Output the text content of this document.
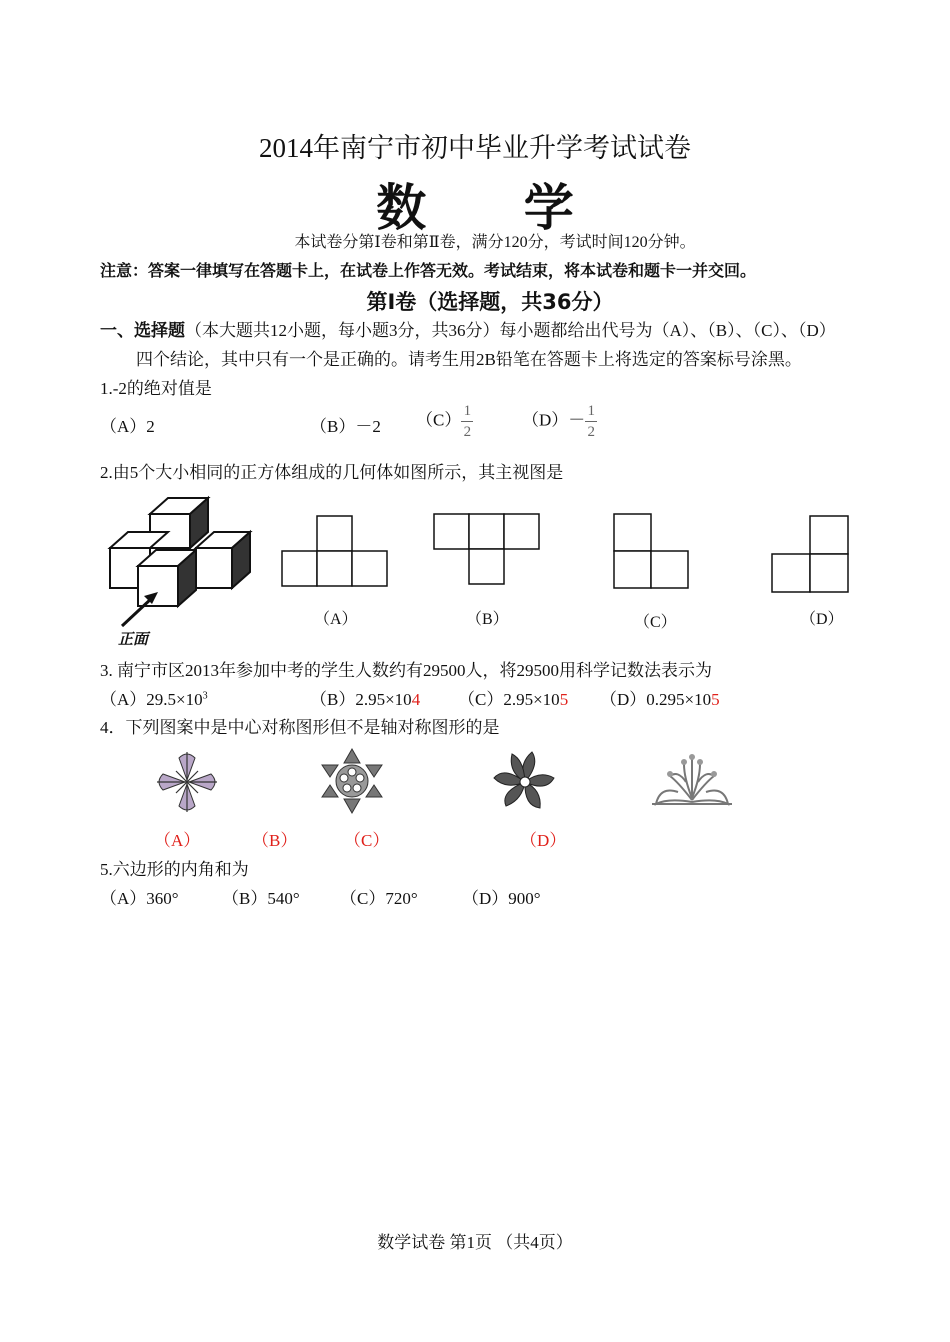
2014年南宁市初中毕业升学考试试卷
数 学
本试卷分第Ⅰ卷和第Ⅱ卷，满分120分，考试时间120分钟。
注意：答案一律填写在答题卡上，在试卷上作答无效。考试结束，将本试卷和题卡一并交回。
第Ⅰ卷（选择题，共36分）
一、选择题（本大题共12小题，每小题3分，共36分）每小题都给出代号为（A）、（B）、（C）、（D）
四个结论，其中只有一个是正确的。请考生用2B铅笔在答题卡上将选定的答案标号涂黑。
1.-2的绝对值是
（A）2	（B）－2 $(C) \frac{1}{2}$	$(D)- \frac{1}{2}$
2.由5个大小相同的正方体组成的几何体如图所示，其主视图是
正面
（A）	（B）	（C）	（D）
3. 南宁市区2013年参加中考的学生人数约有29500人，将29500用科学记数法表示为
$(A)29.5\times 10^3$	（B）2.95×104 （C）2.95×105 （D）0.295×105
4．下列图案中是中心对称图形但不是轴对称图形的是
（A）	（B）	（C）	（D）
5.六边形的内角和为
（A）360°	（B）540° （C）720°	（D）900°
数学试卷 第1页 （共4页）
